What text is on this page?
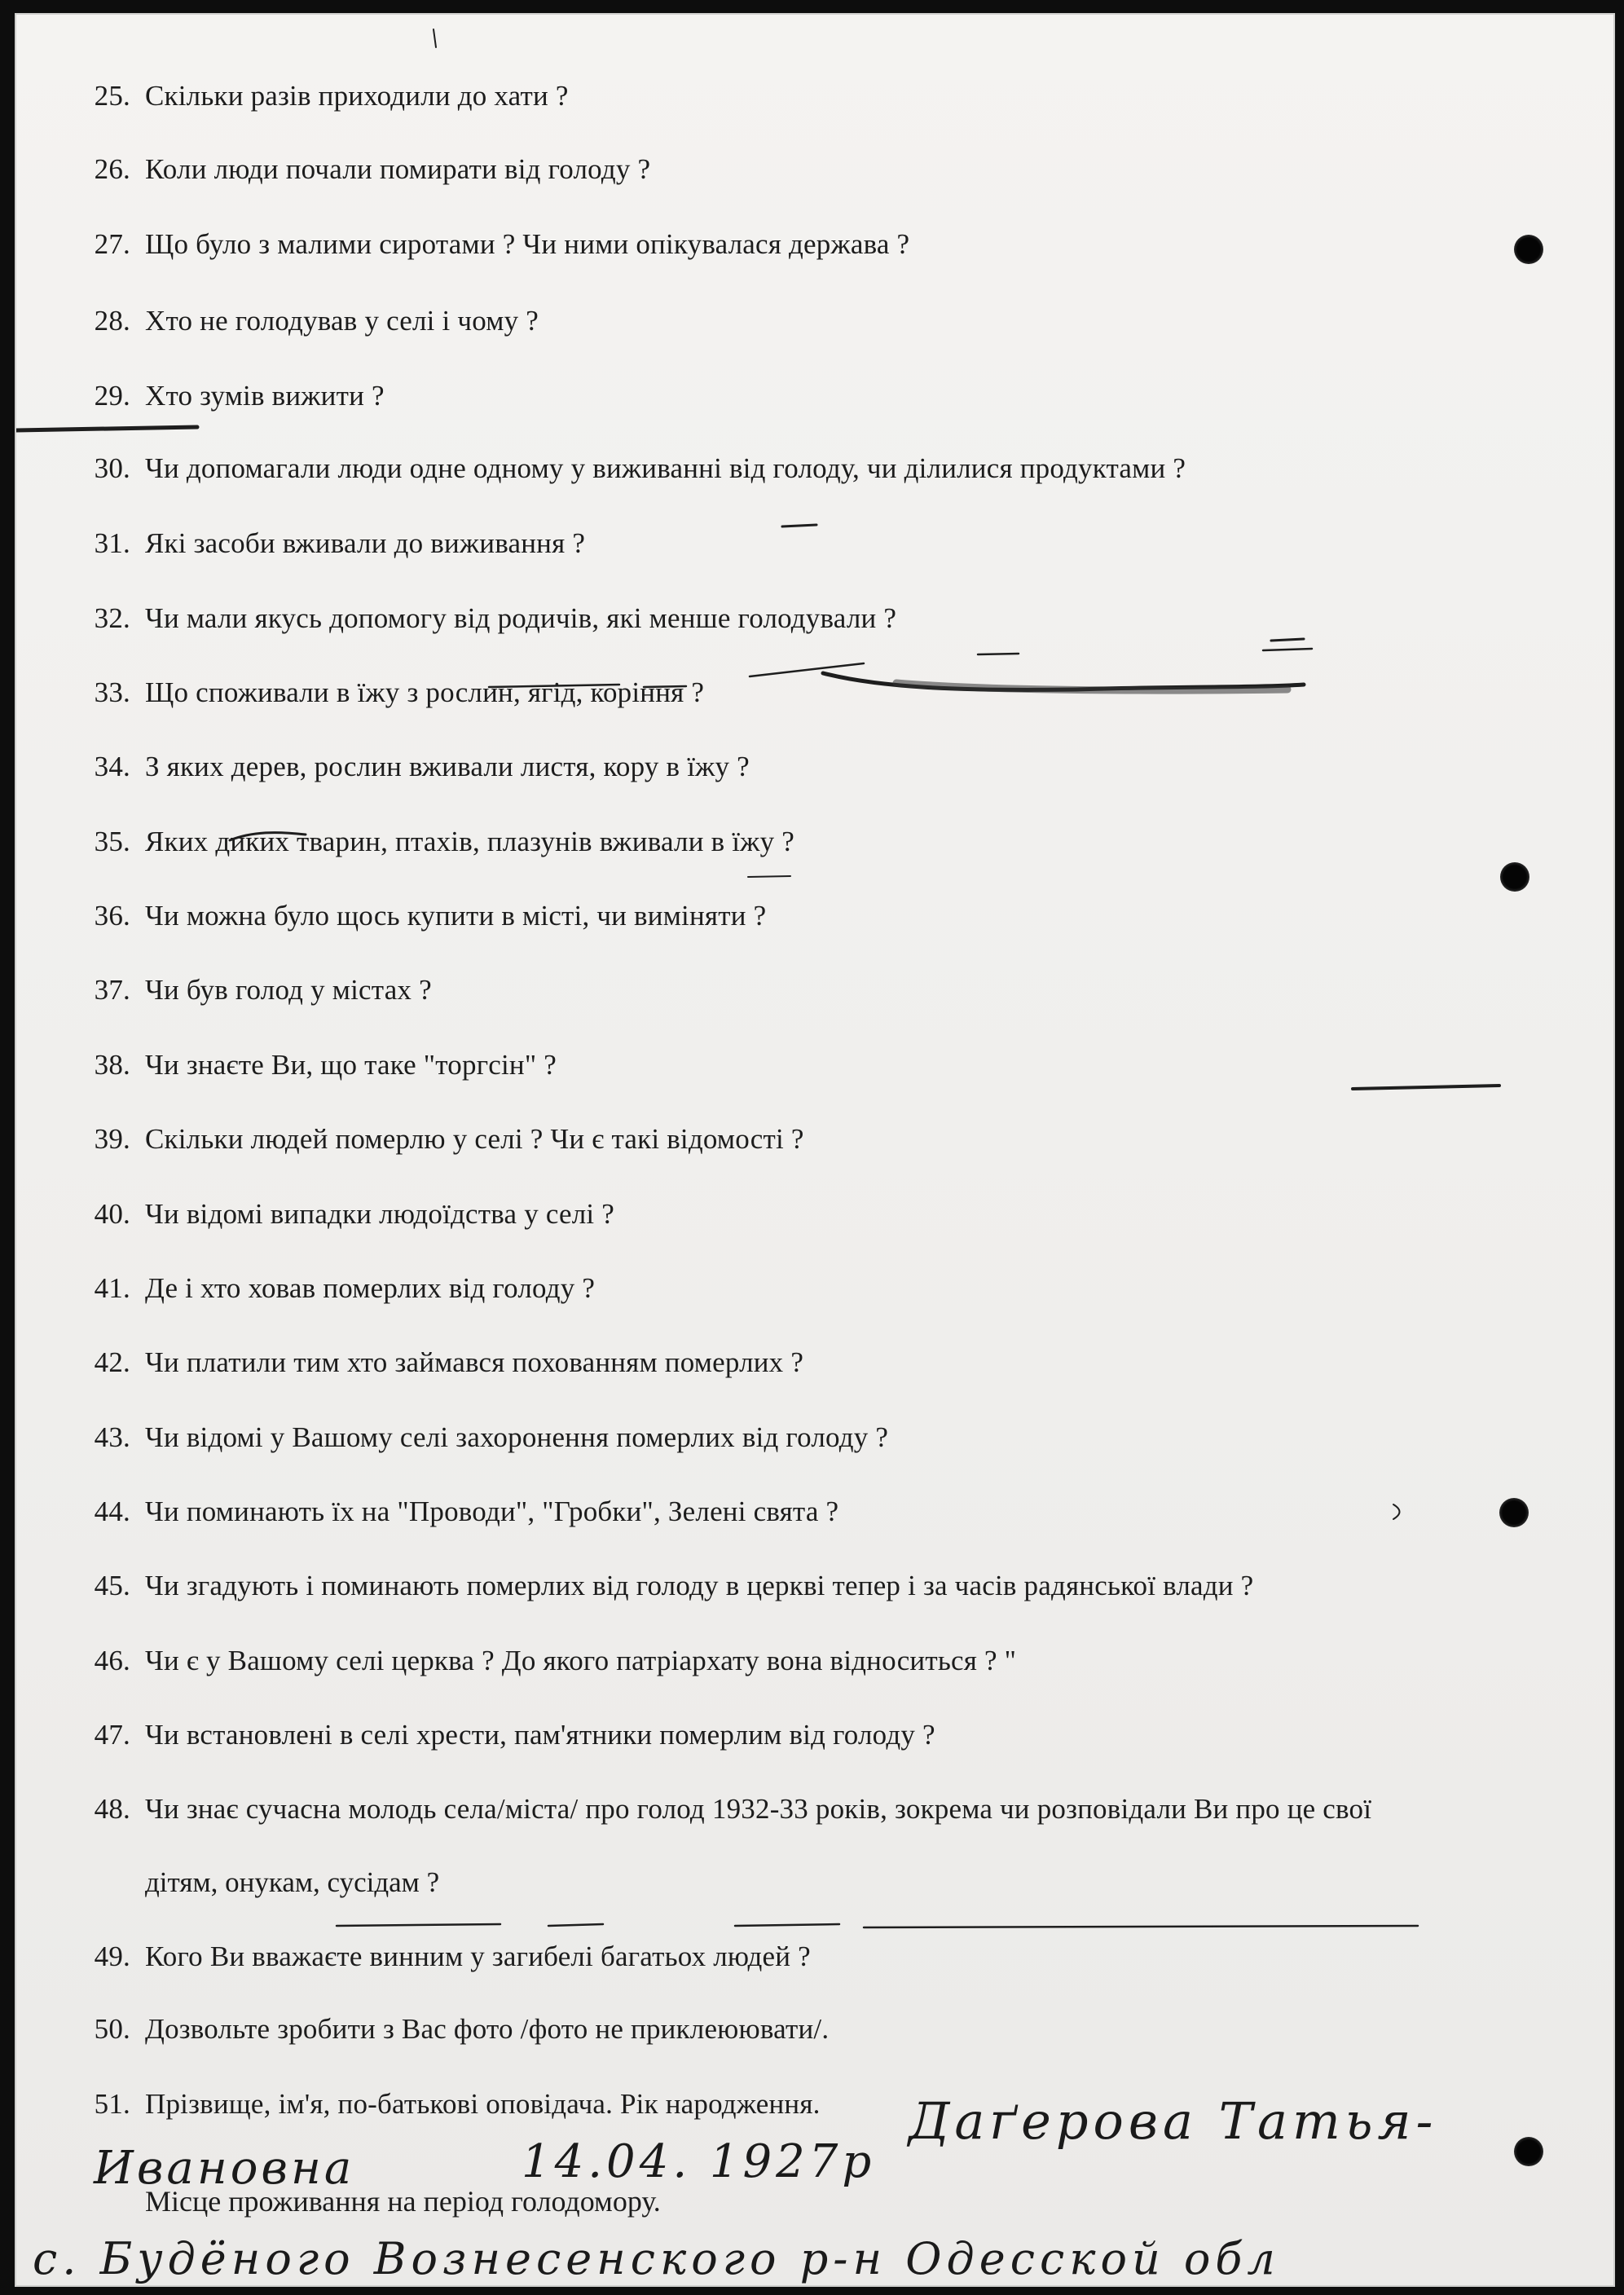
25. Скільки разів приходили до хати ?
26. Коли люди почали помирати від голоду ?
27. Що було з малими сиротами ? Чи ними опікувалася держава ?
28. Хто не голодував у селі і чому ?
29. Хто зумів вижити ?
30. Чи допомагали люди одне одному у виживанні від голоду, чи ділилися продуктами ?
31. Які засоби вживали до виживання ?
32. Чи мали якусь допомогу від родичів, які менше голодували ?
33. Що споживали в їжу з рослин, ягід, коріння ?
34. З яких дерев, рослин вживали листя, кору в їжу ?
35. Яких диких тварин, птахів, плазунів вживали в їжу ?
36. Чи можна було щось купити в місті, чи виміняти ?
37. Чи був голод у містах ?
38. Чи знаєте Ви, що таке "торгсін" ?
39. Скільки людей померлю у селі ? Чи є такі відомості ?
40. Чи відомі випадки людоїдства у селі ?
41. Де і хто ховав померлих від голоду ?
42. Чи платили тим хто займався похованням померлих ?
43. Чи відомі у Вашому селі захоронення померлих від голоду ?
44. Чи поминають їх на "Проводи", "Гробки", Зелені свята ?
45. Чи згадують і поминають померлих від голоду в церкві тепер і за часів радянської влади ?
46. Чи є у Вашому селі церква ? До якого патріархату вона відноситься ? "
47. Чи встановлені в селі хрести, пам'ятники померлим від голоду ?
48. Чи знає сучасна молодь села/міста/ про голод 1932-33 років, зокрема чи розповідали Ви про це свої
49. Кого Ви вважаєте винним у загибелі багатьох людей ?
50. Дозвольте зробити з Вас фото /фото не приклеюювати/.
51. Прізвище, ім'я, по-батькові оповідача. Рік народження.
дітям, онукам, сусідам ?
Місце проживання на період голодомору.
Даґерова Татья-
Ивановна	14.04. 1927р
с. Будёного Вознесенского р-н Одесской обл
